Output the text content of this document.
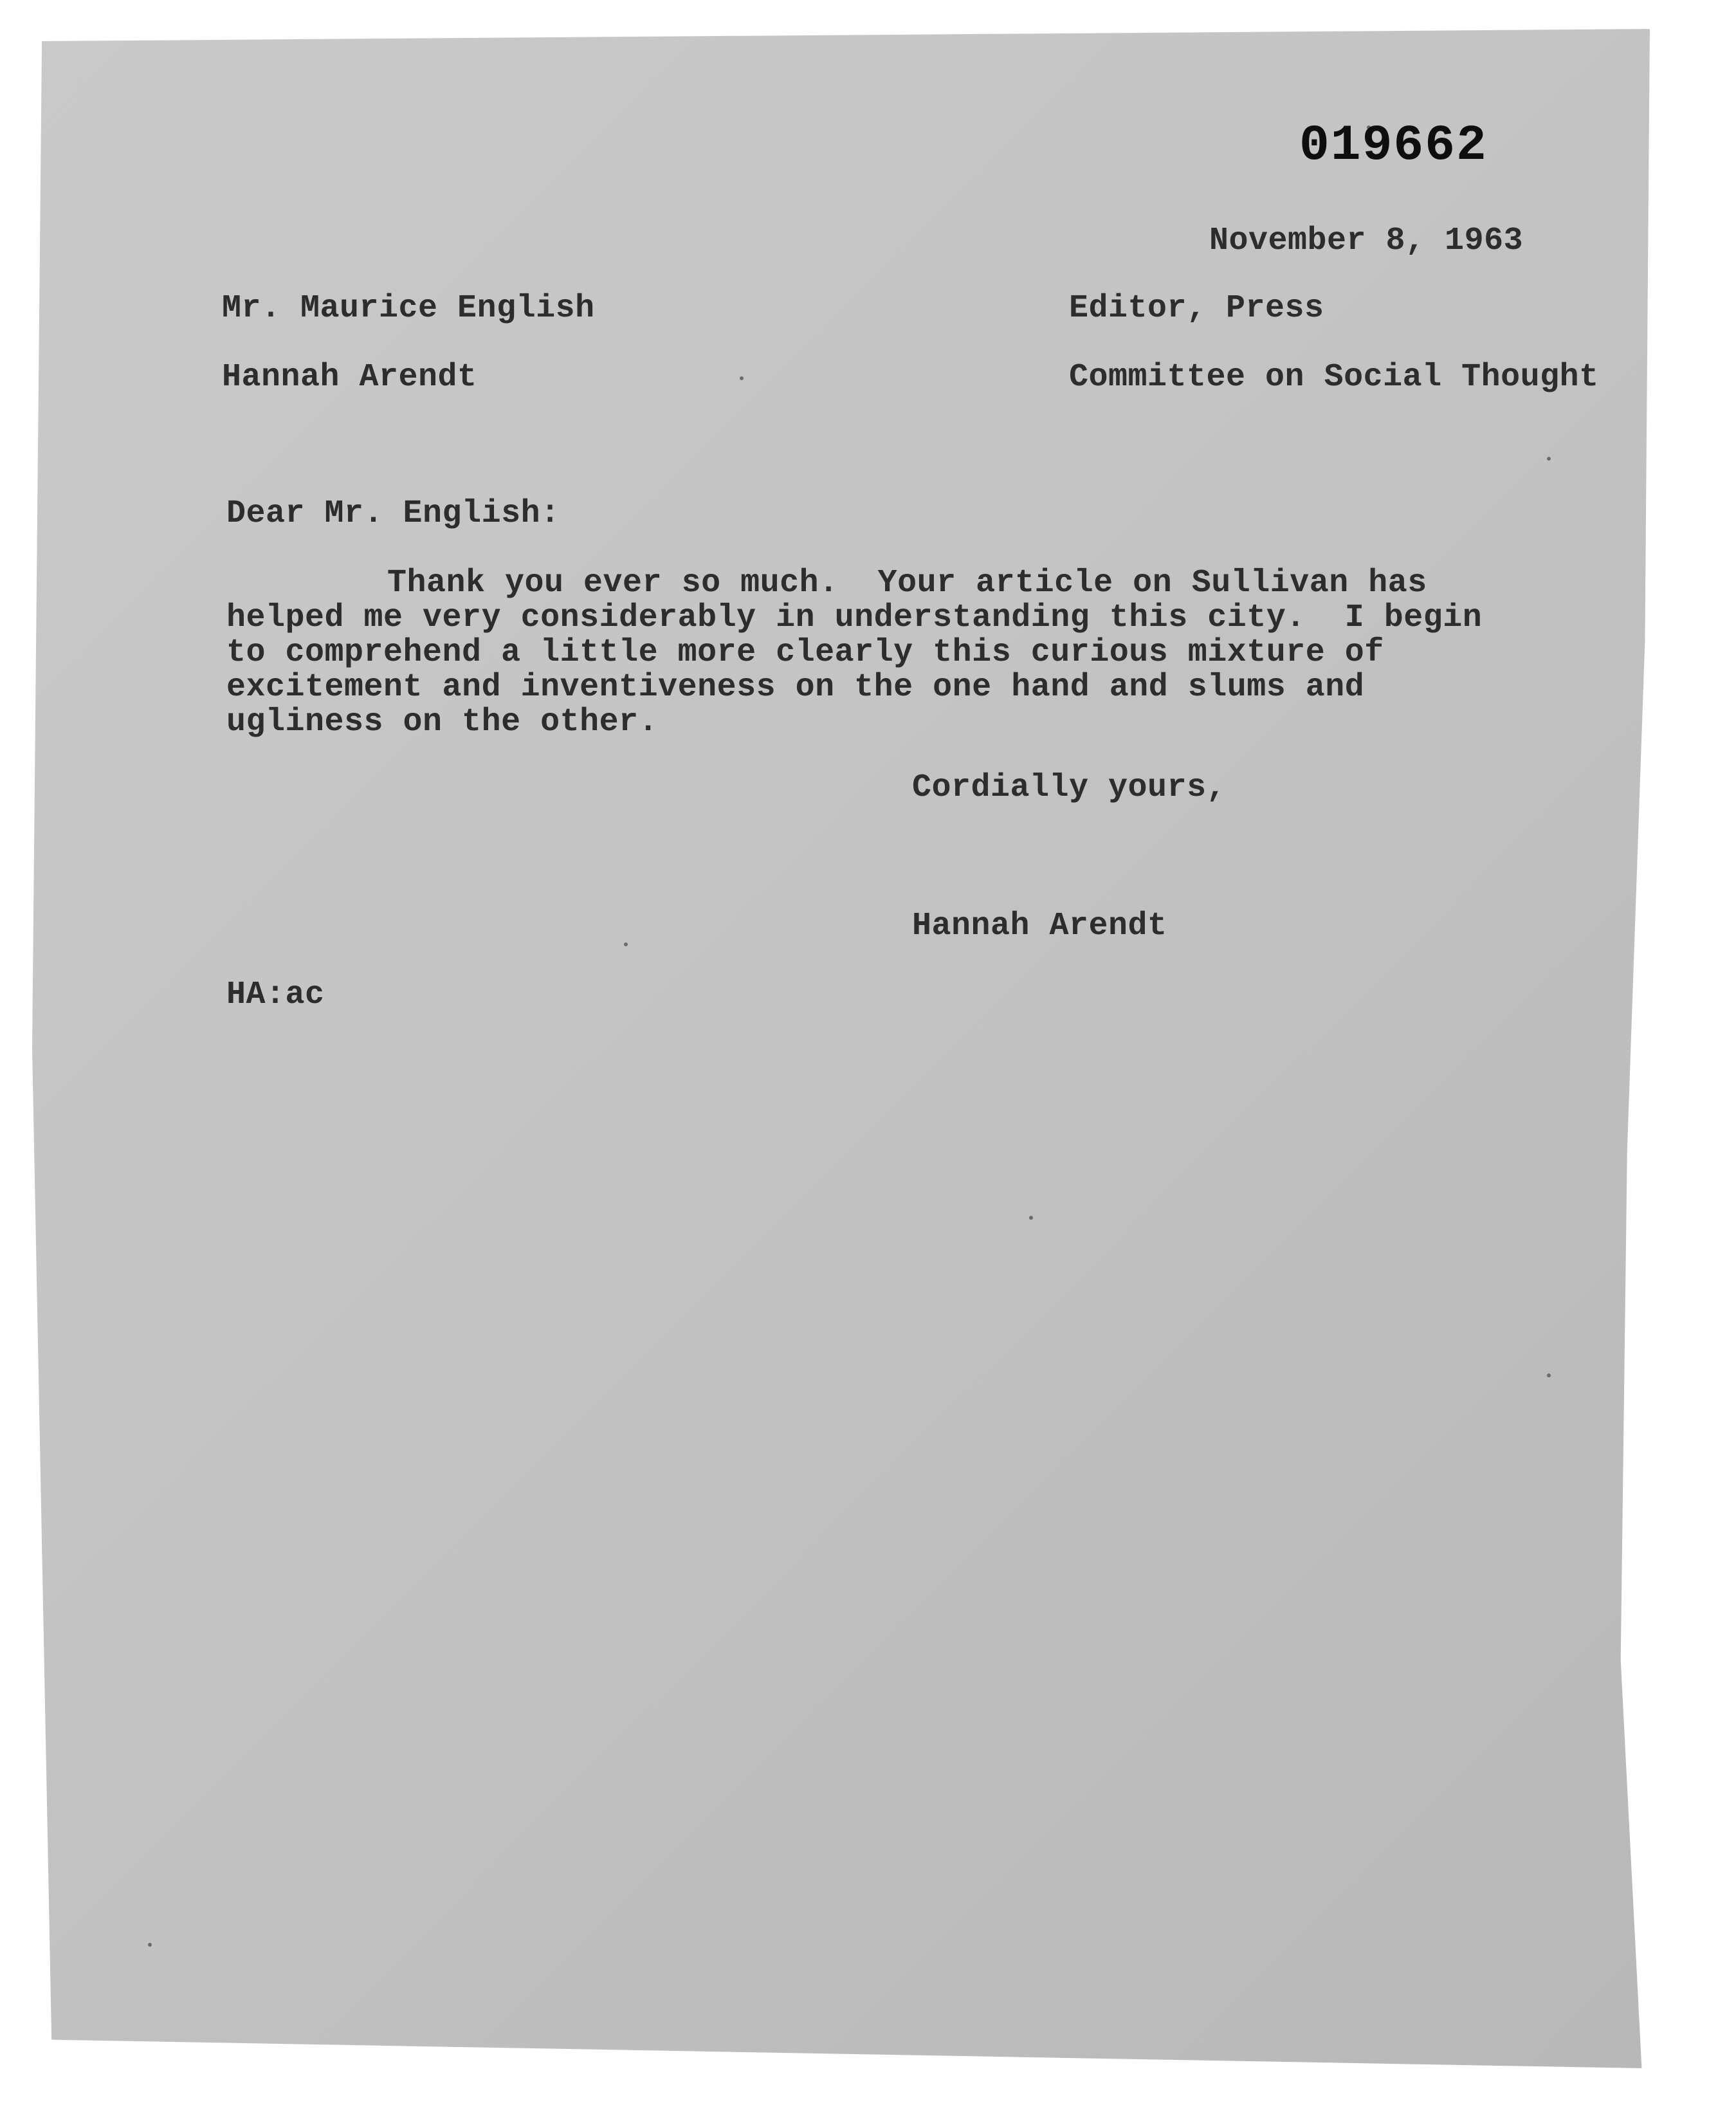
019662

November 8, 1963

Mr. Maurice English	Editor, Press

Hannah Arendt	Committee on Social Thought

Dear Mr. English:

Thank you ever so much.  Your article on Sullivan has
helped me very considerably in understanding this city.  I begin
to comprehend a little more clearly this curious mixture of
excitement and inventiveness on the one hand and slums and
ugliness on the other.

Cordially yours,

Hannah Arendt

HA:ac
